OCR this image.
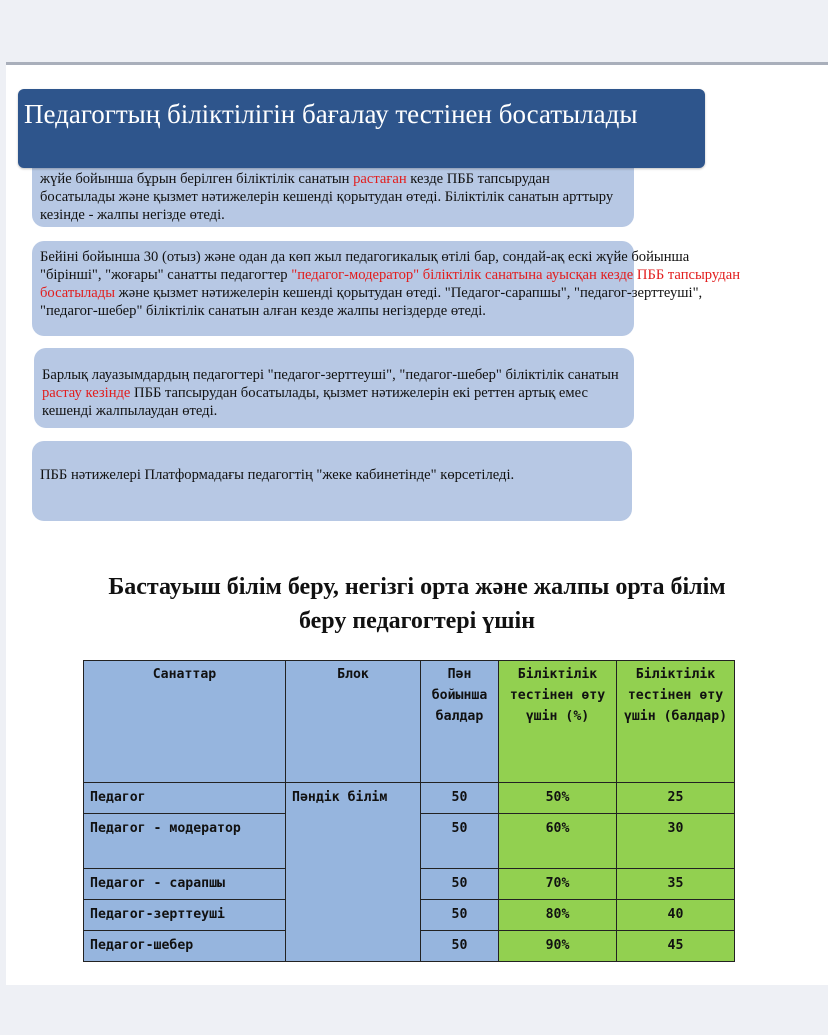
Педагогтың біліктілігін бағалау тестінен босатылады
жүйе бойынша бұрын берілген біліктілік санатын растаған кезде ПББ тапсырудан босатылады және қызмет нәтижелерін кешенді қорытудан өтеді. Біліктілік санатын арттыру кезінде - жалпы негізде өтеді.
Бейіні бойынша 30 (отыз) және одан да көп жыл педагогикалық өтілі бар, сондай-ақ ескі жүйе бойынша "бірінші", "жоғары" санатты педагогтер "педагог-модератор" біліктілік санатына ауысқан кезде ПББ тапсырудан босатылады және қызмет нәтижелерін кешенді қорытудан өтеді. "Педагог-сарапшы", "педагог-зерттеуші", "педагог-шебер" біліктілік санатын алған кезде жалпы негіздерде өтеді.
Барлық лауазымдардың педагогтері "педагог-зерттеуші", "педагог-шебер" біліктілік санатын растау кезінде ПББ тапсырудан босатылады, қызмет нәтижелерін екі реттен артық емес кешенді жалпылаудан өтеді.
ПББ нәтижелері Платформадағы педагогтің "жеке кабинетінде" көрсетіледі.
Бастауыш білім беру, негізгі орта және жалпы орта білім
беру педагогтері үшін
Санаттар	Блок	Пән бойынша балдар	Біліктілік тестінен өту үшін (%)	Біліктілік тестінен өту үшін (балдар)
Педагог	Пәндік білім	50	50%	25
Педагог - модератор		50	60%	30
Педагог - сарапшы		50	70%	35
Педагог-зерттеуші		50	80%	40
Педагог-шебер		50	90%	45
